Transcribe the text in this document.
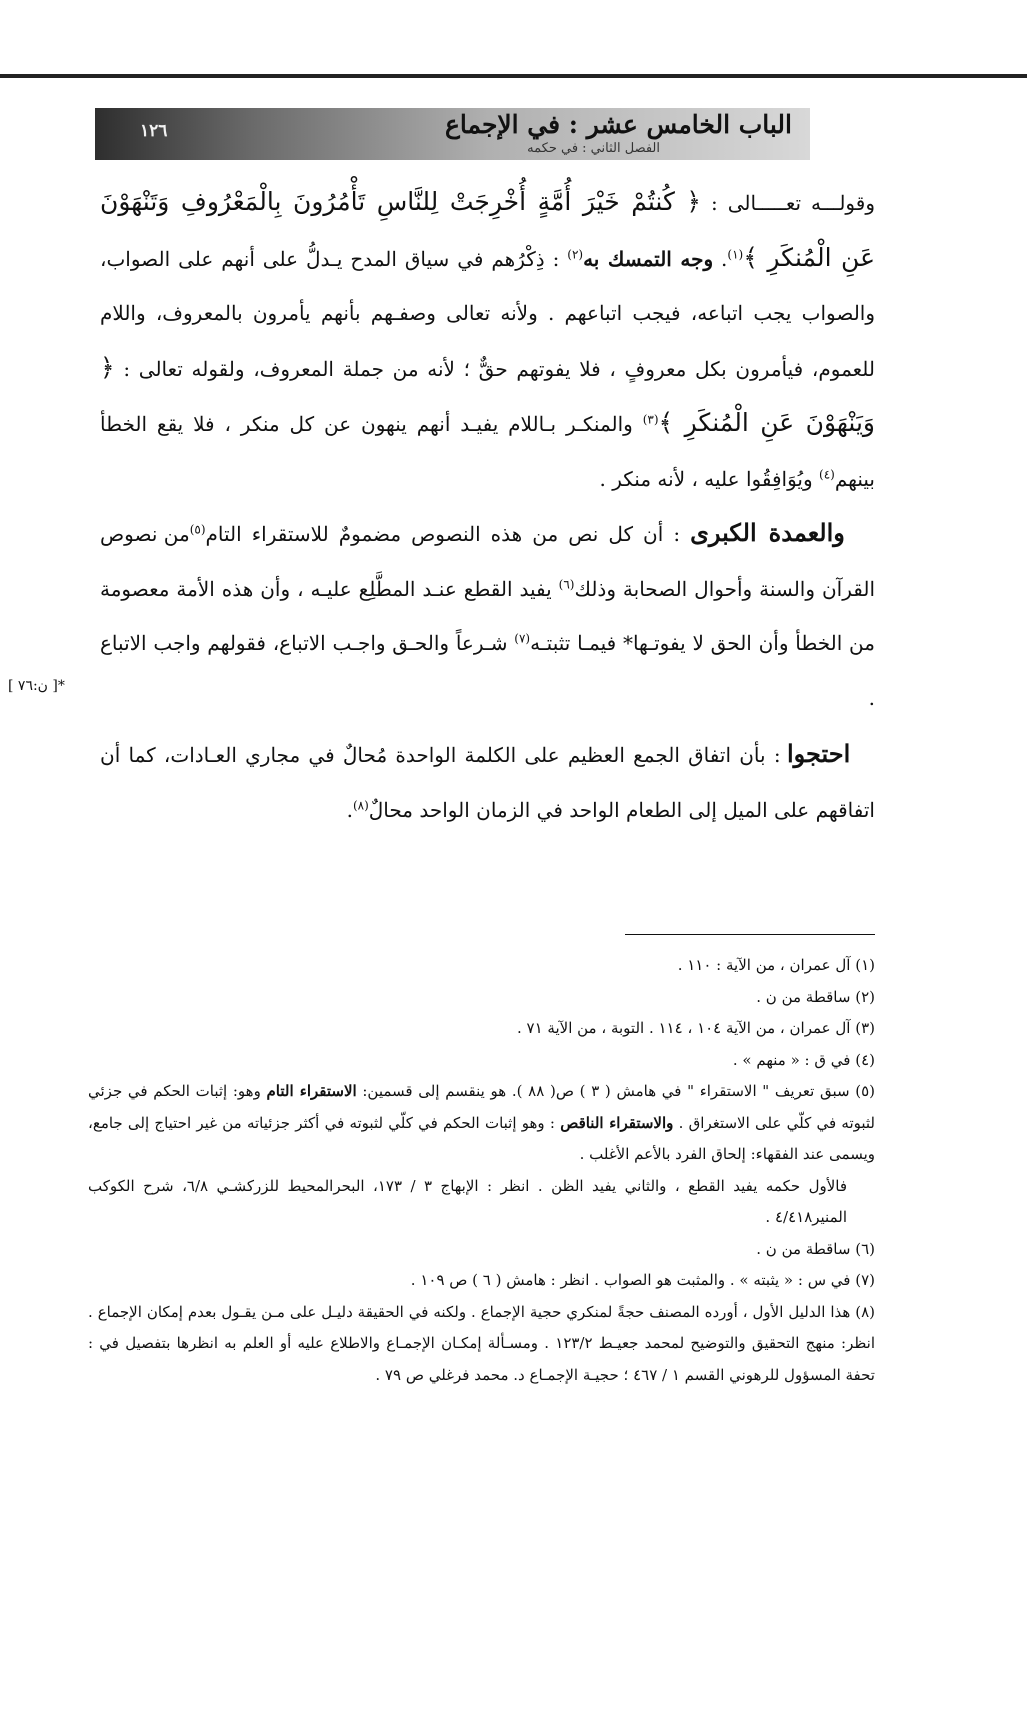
الباب الخامس عشر : في الإجماع
الفصل الثاني : في حكمه
١٢٦

وقولـــه تعـــــالى : ﴿ كُنتُمْ خَيْرَ أُمَّةٍ أُخْرِجَتْ لِلنَّاسِ تَأْمُرُونَ بِالْمَعْرُوفِ وَتَنْهَوْنَ عَنِ الْمُنكَرِ ﴾$^{(١)}$. وجه التمسك به$^{(٢)}$ : ذِكْرُهم في سياق المدح يـدلُّ على أنهم على الصواب، والصواب يجب اتباعه، فيجب اتباعهم . ولأنه تعالى وصفـهم بأنهم يأمرون بالمعروف، واللام للعموم، فيأمرون بكل معروفٍ ، فلا يفوتهم حقٌّ ؛ لأنه من جملة المعروف، ولقوله تعالى : ﴿ وَيَنْهَوْنَ عَنِ الْمُنكَرِ ﴾$^{(٣)}$ والمنكـر بـاللام يفيـد أنهم ينهون عن كل منكر ، فلا يقع الخطأ بينهم$^{(٤)}$ ويُوَافِقُوا عليه ، لأنه منكر .

والعمدة الكبرى : أن كل نص من هذه النصوص مضمومٌ للاستقراء التام$^{(٥)}$من نصوص القرآن والسنة وأحوال الصحابة وذلك$^{(٦)}$ يفيد القطع عنـد المطَّلِع عليـه ، وأن هذه الأمة معصومة من الخطأ وأن الحق لا يفوتـها* فيمـا تثبتـه$^{(٧)}$ شـرعاً والحـق واجـب الاتباع، فقولهم واجب الاتباع .

احتجوا : بأن اتفاق الجمع العظيم على الكلمة الواحدة مُحالٌ في مجاري العـادات، كما أن اتفاقهم على الميل إلى الطعام الواحد في الزمان الواحد محالٌ$^{(٨)}$.

*[ ن:٧٦ ]

(١) آل عمران ، من الآية : ١١٠ .

(٢) ساقطة من ن .

(٣) آل عمران ، من الآية ١٠٤ ، ١١٤ . التوبة ، من الآية ٧١ .

(٤) في ق : « منهم » .

(٥) سبق تعريف " الاستقراء " في هامش ( ٣ ) ص( ٨٨ ). هو ينقسم إلى قسمين: الاستقراء التام وهو: إثبات الحكم في جزئي لثبوته في كلّي على الاستغراق . والاستقراء الناقص : وهو إثبات الحكم في كلّي لثبوته في أكثر جزئياته من غير احتياج إلى جامع، ويسمى عند الفقهاء: إلحاق الفرد بالأعم الأغلب .

فالأول حكمه يفيد القطع ، والثاني يفيد الظن . انظر : الإبهاج ٣ / ١٧٣، البحرالمحيط للزركشـي ٦/٨، شرح الكوكب المنير٤/٤١٨ .

(٦) ساقطة من ن .

(٧) في س : « يثبته » . والمثبت هو الصواب . انظر : هامش ( ٦ ) ص ١٠٩ .

(٨) هذا الدليل الأول ، أورده المصنف حجةً لمنكري حجية الإجماع . ولكنه في الحقيقة دليـل على مـن يقـول بعدم إمكان الإجماع . انظر: منهج التحقيق والتوضيح لمحمد جعيـط ١٢٣/٢ . ومسـألة إمكـان الإجمـاع والاطلاع عليه أو العلم به انظرها بتفصيل في : تحفة المسؤول للرهوني القسم ١ / ٤٦٧ ؛ حجيـة الإجمـاع د. محمد فرغلي ص ٧٩ .
